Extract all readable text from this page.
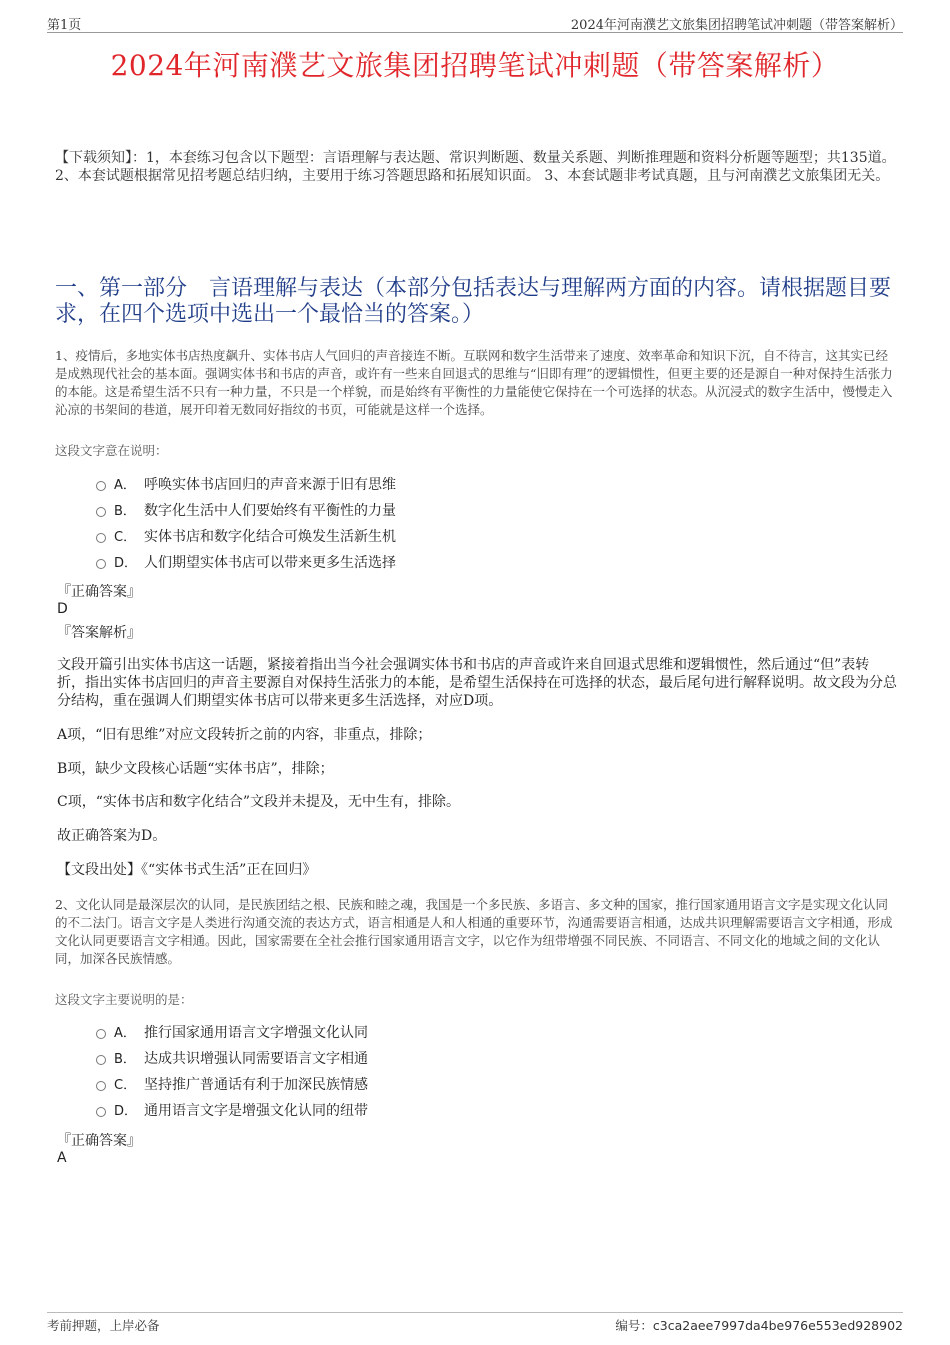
第1页	2024年河南濮艺文旅集团招聘笔试冲刺题（带答案解析）
2024年河南濮艺文旅集团招聘笔试冲刺题（带答案解析）
【下载须知】：1，本套练习包含以下题型：言语理解与表达题、常识判断题、数量关系题、判断推理题和资料分析题等题型；共135道。 2、本套试题根据常见招考题总结归纳，主要用于练习答题思路和拓展知识面。 3、本套试题非考试真题，且与河南濮艺文旅集团无关。
一、第一部分　言语理解与表达（本部分包括表达与理解两方面的内容。请根据题目要求，在四个选项中选出一个最恰当的答案。）
1、疫情后，多地实体书店热度飙升、实体书店人气回归的声音接连不断。互联网和数字生活带来了速度、效率革命和知识下沉，自不待言，这其实已经是成熟现代社会的基本面。强调实体书和书店的声音，或许有一些来自回退式的思维与“旧即有理”的逻辑惯性，但更主要的还是源自一种对保持生活张力的本能。这是希望生活不只有一种力量，不只是一个样貌，而是始终有平衡性的力量能使它保持在一个可选择的状态。从沉浸式的数字生活中，慢慢走入沁凉的书架间的巷道，展开印着无数同好指纹的书页，可能就是这样一个选择。
这段文字意在说明：
A． 呼唤实体书店回归的声音来源于旧有思维
B． 数字化生活中人们要始终有平衡性的力量
C． 实体书店和数字化结合可焕发生活新生机
D． 人们期望实体书店可以带来更多生活选择
『正确答案』
D
『答案解析』
文段开篇引出实体书店这一话题，紧接着指出当今社会强调实体书和书店的声音或许来自回退式思维和逻辑惯性，然后通过“但”表转折，指出实体书店回归的声音主要源自对保持生活张力的本能，是希望生活保持在可选择的状态，最后尾句进行解释说明。故文段为分总分结构，重在强调人们期望实体书店可以带来更多生活选择，对应D项。
A项，“旧有思维”对应文段转折之前的内容，非重点，排除；
B项，缺少文段核心话题“实体书店”，排除；
C项，“实体书店和数字化结合”文段并未提及，无中生有，排除。
故正确答案为D。
【文段出处】《“实体书式生活”正在回归》
2、文化认同是最深层次的认同，是民族团结之根、民族和睦之魂，我国是一个多民族、多语言、多文种的国家，推行国家通用语言文字是实现文化认同的不二法门。语言文字是人类进行沟通交流的表达方式，语言相通是人和人相通的重要环节，沟通需要语言相通，达成共识理解需要语言文字相通，形成文化认同更要语言文字相通。因此，国家需要在全社会推行国家通用语言文字，以它作为纽带增强不同民族、不同语言、不同文化的地域之间的文化认同，加深各民族情感。
这段文字主要说明的是：
A． 推行国家通用语言文字增强文化认同
B． 达成共识增强认同需要语言文字相通
C． 坚持推广普通话有利于加深民族情感
D． 通用语言文字是增强文化认同的纽带
『正确答案』
A
考前押题，上岸必备	编号：c3ca2aee7997da4be976e553ed928902
